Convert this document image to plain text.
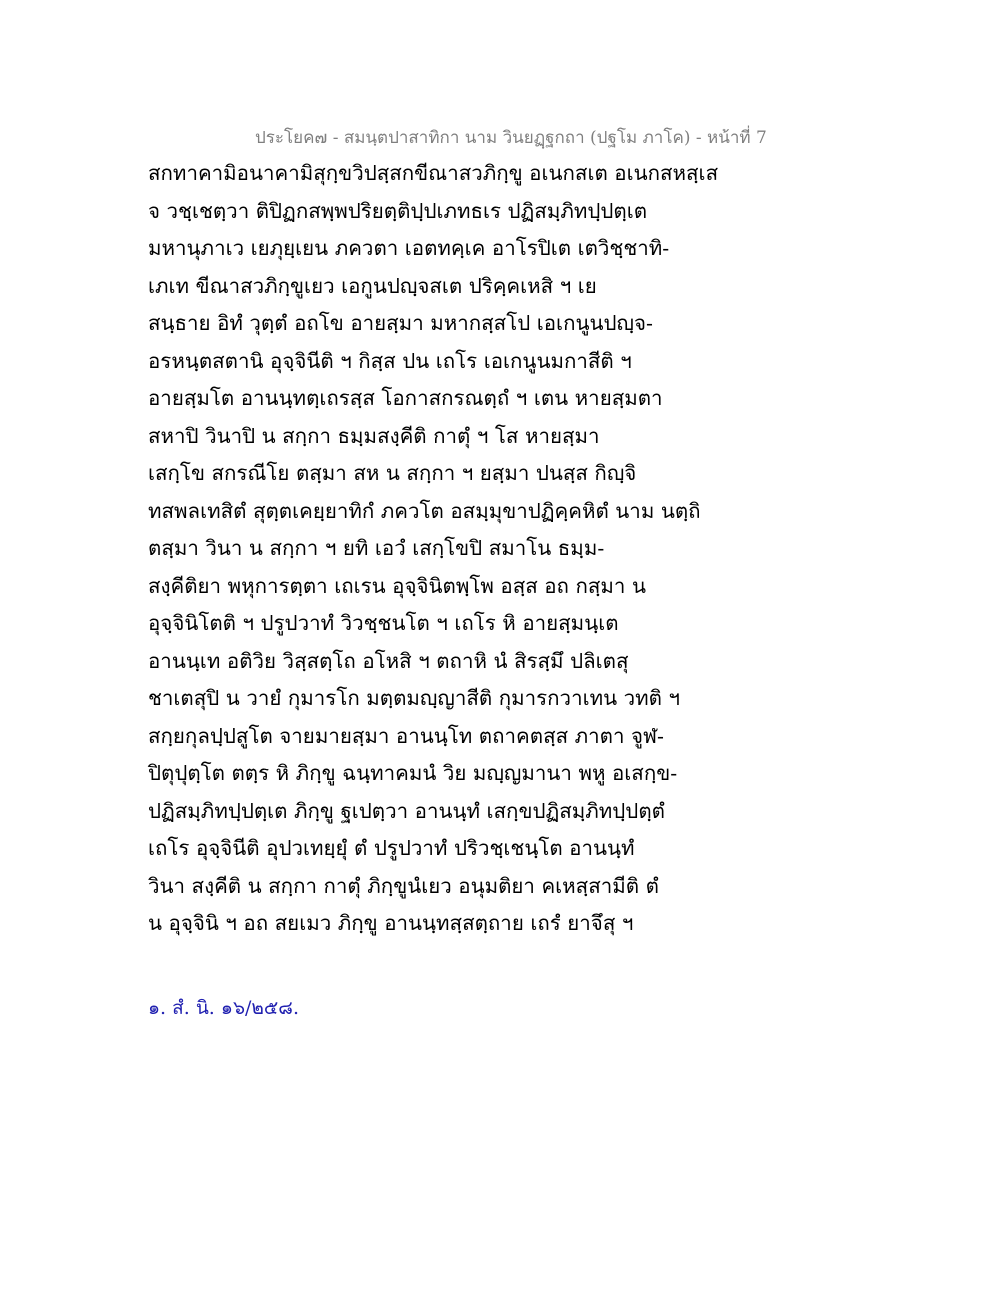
ประโยค๗ - สมนฺตปาสาทิกา นาม วินยฏฺฐกถา (ปฐโม ภาโค) - หน้าที่ 7
สกทาคามิอนาคามิสุกฺขวิปสฺสกขีณาสวภิกฺขู อเนกสเต อเนกสหสฺเส
จ วชฺเชตฺวา ติปิฏกสพฺพปริยตฺติปฺปเภทธเร ปฏิสมฺภิทปฺปตฺเต
มหานุภาเว เยภุยฺเยน ภควตา เอตทคฺเค อาโรปิเต เตวิชฺชาทิ-
เภเท ขีณาสวภิกฺขูเยว เอกูนปญฺจสเต ปริคฺคเหสิ ฯ เย
สนฺธาย อิทํ วุตฺตํ อถโข อายสฺมา มหากสฺสโป เอเกนูนปญฺจ-
อรหนฺตสตานิ อุจฺจินีติ ฯ กิสฺส ปน เถโร เอเกนูนมกาสีติ ฯ
อายสฺมโต อานนฺทตฺเถรสฺส โอกาสกรณตฺถํ ฯ เตน หายสฺมตา
สหาปิ วินาปิ น สกฺกา ธมฺมสงฺคีติ กาตุํ ฯ โส หายสฺมา
เสกฺโข สกรณีโย ตสฺมา สห น สกฺกา ฯ ยสฺมา ปนสฺส กิญฺจิ
ทสพลเทสิตํ สุตฺตเคยฺยาทิกํ ภควโต อสมฺมุขาปฏิคฺคหิตํ นาม นตฺถิ
ตสฺมา วินา น สกฺกา ฯ ยทิ เอวํ เสกฺโขปิ สมาโน ธมฺม-
สงฺคีติยา พหุการตฺตา เถเรน อุจฺจินิตพฺโพ อสฺส อถ กสฺมา น
อุจฺจินิโตติ ฯ ปรูปวาทํ วิวชฺชนโต ฯ เถโร หิ อายสฺมนฺเต
อานนฺเท อติวิย วิสฺสตฺโถ อโหสิ ฯ ตถาหิ นํ สิรสฺมึ ปลิเตสุ
ชาเตสุปิ น วายํ กุมารโก มตฺตมญฺญาสีติ กุมารกวาเทน วทติ ฯ
สกฺยกุลปฺปสูโต จายมายสฺมา อานนฺโท ตถาคตสฺส ภาตา จูฬ-
ปิตุปุตฺโต ตตฺร หิ ภิกฺขู ฉนฺทาคมนํ วิย มญฺญมานา พหู อเสกฺข-
ปฏิสมฺภิทปฺปตฺเต ภิกฺขู ฐเปตฺวา อานนฺทํ เสกฺขปฏิสมฺภิทปฺปตฺตํ
เถโร อุจฺจินีติ อุปวเทยฺยุํ ตํ ปรูปวาทํ ปริวชฺเชนฺโต อานนฺทํ
วินา สงฺคีติ น สกฺกา กาตุํ ภิกฺขูนํเยว อนุมติยา คเหสฺสามีติ ตํ
น อุจฺจินิ ฯ อถ สยเมว ภิกฺขู อานนฺทสฺสตฺถาย เถรํ ยาจึสุ ฯ
๑. สํ. นิ. ๑๖/๒๕๘.
